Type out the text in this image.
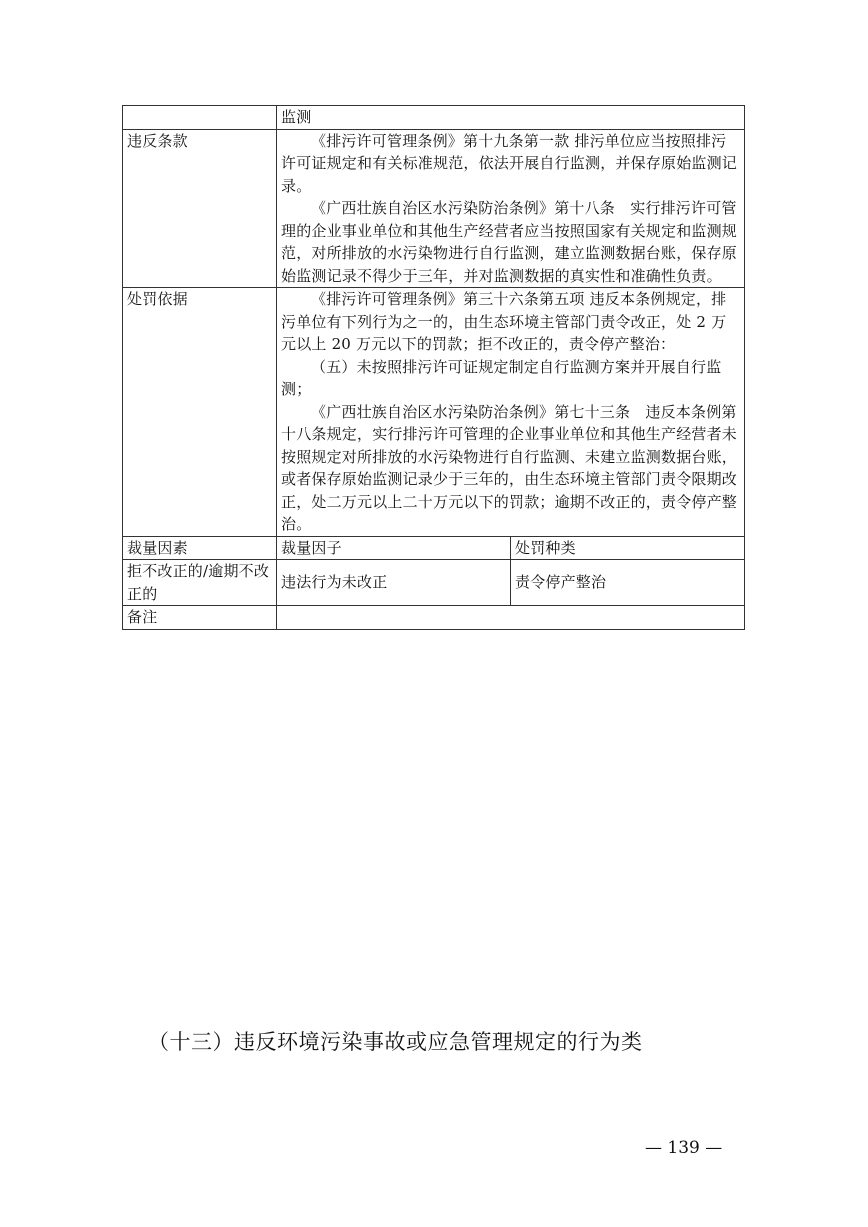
	监测	
违反条款	《排污许可管理条例》第十九条第一款 排污单位应当按照排污许可证规定和有关标准规范，依法开展自行监测，并保存原始监测记录。

《广西壮族自治区水污染防治条例》第十八条　实行排污许可管理的企业事业单位和其他生产经营者应当按照国家有关规定和监测规范，对所排放的水污染物进行自行监测，建立监测数据台账，保存原始监测记录不得少于三年，并对监测数据的真实性和准确性负责。	

处罚依据	《排污许可管理条例》第三十六条第五项 违反本条例规定，排污单位有下列行为之一的，由生态环境主管部门责令改正，处 2 万元以上 20 万元以下的罚款；拒不改正的，责令停产整治：

（五）未按照排污许可证规定制定自行监测方案并开展自行监测；

《广西壮族自治区水污染防治条例》第七十三条　违反本条例第十八条规定，实行排污许可管理的企业事业单位和其他生产经营者未按照规定对所排放的水污染物进行自行监测、未建立监测数据台账，或者保存原始监测记录少于三年的，由生态环境主管部门责令限期改正，处二万元以上二十万元以下的罚款；逾期不改正的，责令停产整治。	

裁量因素	裁量因子	处罚种类
拒不改正的/逾期不改正的	违法行为未改正	责令停产整治
备注		
（十三）违反环境污染事故或应急管理规定的行为类
— 139 —
